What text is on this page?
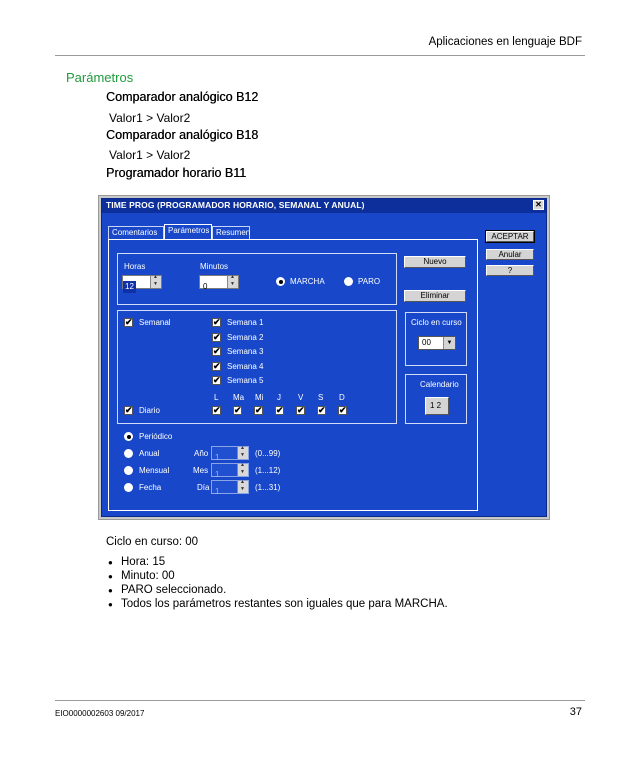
Aplicaciones en lenguaje BDF
Parámetros
Comparador analógico B12
Valor1 > Valor2
Comparador analógico B18
Valor1 > Valor2
Programador horario B11
TIME PROG (PROGRAMADOR HORARIO, SEMANAL Y ANUAL)	✕
Comentarios	Parámetros Resumen
Horas	Minutos
12 ▲ ▼	0
▲ ▼
MARCHA	PARO
✔ Semanal	✔ Semana 1
✔ Semana 2
✔ Semana 3
✔ Semana 4
✔ Semana 5
L Ma Mi J V S D
✔ Diario	✔ ✔ ✔ ✔ ✔ ✔ ✔
Periódico
Anual	Año 1 ▲ ▼	(0...99)
Mensual	Mes 1 ▲ ▼	(1...12)
Fecha	Día 1 ▲ ▼	(1...31)
Nuevo
Eliminar
Ciclo en curso
00	▼
Calendario
1 2
ACEPTAR
Anular
?
Ciclo en curso: 00
● Hora: 15
● Minuto: 00
● PARO seleccionado.
● Todos los parámetros restantes son iguales que para MARCHA.
EIO0000002603 09/2017	37
